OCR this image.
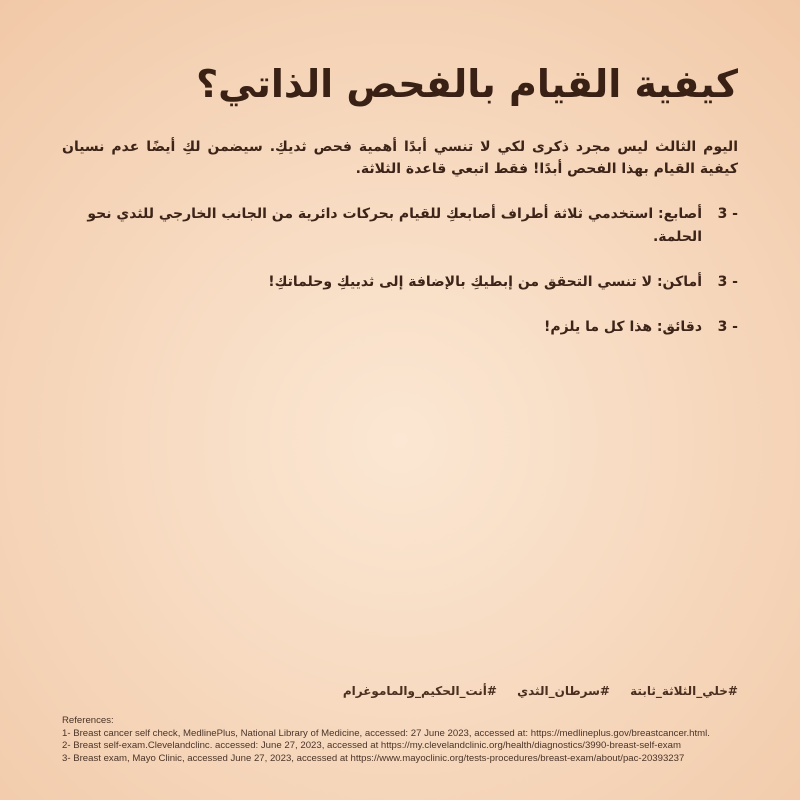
كيفية القيام بالفحص الذاتي؟

اليوم الثالث ليس مجرد ذكرى لكي لا تنسي أبدًا أهمية فحص ثديكِ. سيضمن لكِ أيضًا عدم نسيان كيفية القيام بهذا الفحص أبدًا! فقط اتبعي قاعدة الثلاثة.

- 3
أصابع: استخدمي ثلاثة أطراف أصابعكِ للقيام بحركات دائرية من الجانب الخارجي للثدي نحو الحلمة.
- 3
أماكن: لا تنسي التحقق من إبطيكِ بالإضافة إلى ثدييكِ وحلماتكِ!
- 3
دقائق: هذا كل ما يلزم!
#خلي_الثلاثة_ثابتة #سرطان_الثدي #أنت_الحكيم_والماموغرام
References:
1- Breast cancer self check, MedlinePlus, National Library of Medicine, accessed: 27 June 2023, accessed at: https://medlineplus.gov/breastcancer.html.
2- Breast self-exam.Clevelandclinc. accessed: June 27, 2023, accessed at https://my.clevelandclinic.org/health/diagnostics/3990-breast-self-exam
3- Breast exam, Mayo Clinic, accessed June 27, 2023, accessed at https://www.mayoclinic.org/tests-procedures/breast-exam/about/pac-20393237
